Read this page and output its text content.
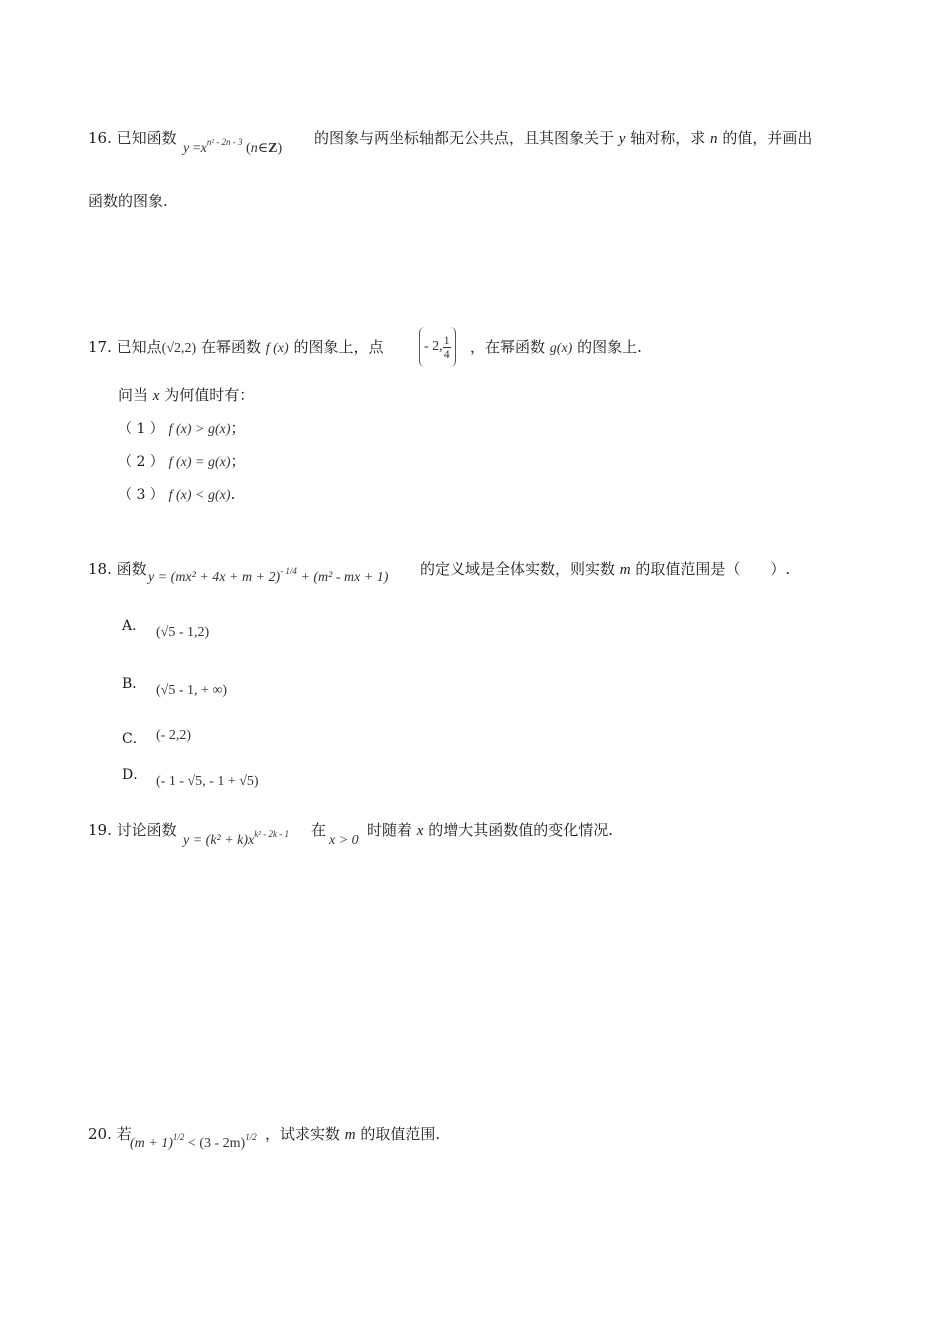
16. 已知函数
$y =x^{n^2 - 2n - 3}$ (n∈Z)
的图象与两坐标轴都无公共点，且其图象关于 y 轴对称，求 n 的值，并画出
函数的图象.
17. 已知点(√2,2) 在幂函数 f (x) 的图象上，点	- 2, $\frac{1}{4}$ ，在幂函数 g(x) 的图象上.
问当 x 为何值时有：
（ 1 ） f (x) > g(x)；
（ 2 ） f (x) = g(x)；
（ 3 ） f (x) < g(x).
18. 函数 $y = (mx^2 + 4x + m + 2)^{- 1/4} + (m^2$ - mx + 1) 的定义域是全体实数，则实数 m 的取值范围是（　　）.
A． (√5 - 1,2)
B． (√5 - 1, + ∞)
C． (- 2,2)
D． (- 1 - √5, - 1 + √5)
19. 讨论函数
$y = (k^2 + k)x^{k^2 - 2k - 1}$ 在
x > 0
时随着 x 的增大其函数值的变化情况.
20. 若
$(m + 1)^{1/2} < (3 - 2m)^{1/2}$ ，试求实数 m 的取值范围.
